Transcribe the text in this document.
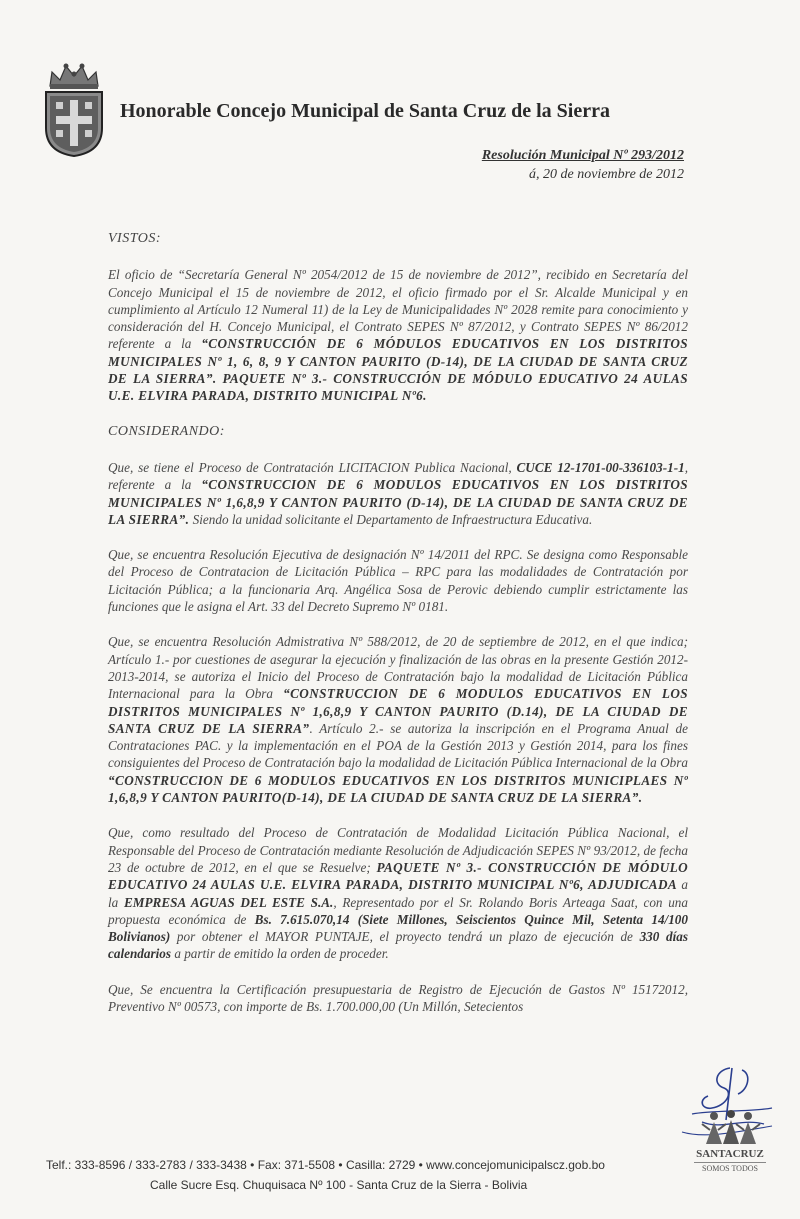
Honorable Concejo Municipal de Santa Cruz de la Sierra
Resolución Municipal Nº 293/2012
á, 20 de noviembre de 2012
VISTOS:

El oficio de “Secretaría General Nº 2054/2012 de 15 de noviembre de 2012”, recibido en Secretaría del Concejo Municipal el 15 de noviembre de 2012, el oficio firmado por el Sr. Alcalde Municipal y en cumplimiento al Artículo 12 Numeral 11) de la Ley de Municipalidades Nº 2028 remite para conocimiento y consideración del H. Concejo Municipal, el Contrato SEPES Nº 87/2012, y Contrato SEPES Nº 86/2012 referente a la “CONSTRUCCIÓN DE 6 MÓDULOS EDUCATIVOS EN LOS DISTRITOS MUNICIPALES Nº 1, 6, 8, 9 Y CANTON PAURITO (D-14), DE LA CIUDAD DE SANTA CRUZ DE LA SIERRA”. PAQUETE Nº 3.- CONSTRUCCIÓN DE MÓDULO EDUCATIVO 24 AULAS U.E. ELVIRA PARADA, DISTRITO MUNICIPAL Nº6.

CONSIDERANDO:

Que, se tiene el Proceso de Contratación LICITACION Publica Nacional, CUCE 12-1701-00-336103-1-1, referente a la “CONSTRUCCION DE 6 MODULOS EDUCATIVOS EN LOS DISTRITOS MUNICIPALES Nº 1,6,8,9 Y CANTON PAURITO (D-14), DE LA CIUDAD DE SANTA CRUZ DE LA SIERRA”. Siendo la unidad solicitante el Departamento de Infraestructura Educativa.

Que, se encuentra Resolución Ejecutiva de designación Nº 14/2011 del RPC. Se designa como Responsable del Proceso de Contratacion de Licitación Pública – RPC para las modalidades de Contratación por Licitación Pública; a la funcionaria Arq. Angélica Sosa de Perovic debiendo cumplir estrictamente las funciones que le asigna el Art. 33 del Decreto Supremo Nº 0181.

Que, se encuentra Resolución Admistrativa Nº 588/2012, de 20 de septiembre de 2012, en el que indica; Artículo 1.- por cuestiones de asegurar la ejecución y finalización de las obras en la presente Gestión 2012-2013-2014, se autoriza el Inicio del Proceso de Contratación bajo la modalidad de Licitación Pública Internacional para la Obra “CONSTRUCCION DE 6 MODULOS EDUCATIVOS EN LOS DISTRITOS MUNICIPALES Nº 1,6,8,9 Y CANTON PAURITO (D.14), DE LA CIUDAD DE SANTA CRUZ DE LA SIERRA”. Artículo 2.- se autoriza la inscripción en el Programa Anual de Contrataciones PAC. y la implementación en el POA de la Gestión 2013 y Gestión 2014, para los fines consiguientes del Proceso de Contratación bajo la modalidad de Licitación Pública Internacional de la Obra “CONSTRUCCION DE 6 MODULOS EDUCATIVOS EN LOS DISTRITOS MUNICIPLAES Nº 1,6,8,9 Y CANTON PAURITO(D-14), DE LA CIUDAD DE SANTA CRUZ DE LA SIERRA”.

Que, como resultado del Proceso de Contratación de Modalidad Licitación Pública Nacional, el Responsable del Proceso de Contratación mediante Resolución de Adjudicación SEPES Nº 93/2012, de fecha 23 de octubre de 2012, en el que se Resuelve; PAQUETE Nº 3.- CONSTRUCCIÓN DE MÓDULO EDUCATIVO 24 AULAS U.E. ELVIRA PARADA, DISTRITO MUNICIPAL Nº6, ADJUDICADA a la EMPRESA AGUAS DEL ESTE S.A., Representado por el Sr. Rolando Boris Arteaga Saat, con una propuesta económica de Bs. 7.615.070,14 (Siete Millones, Seiscientos Quince Mil, Setenta 14/100 Bolivianos) por obtener el MAYOR PUNTAJE, el proyecto tendrá un plazo de ejecución de 330 días calendarios a partir de emitido la orden de proceder.

Que, Se encuentra la Certificación presupuestaria de Registro de Ejecución de Gastos Nº 15172012, Preventivo Nº 00573, con importe de Bs. 1.700.000,00 (Un Millón, Setecientos

SANTACRUZ
SOMOS TODOS
Telf.: 333-8596 / 333-2783 / 333-3438 • Fax: 371-5508 • Casilla: 2729 • www.concejomunicipalscz.gob.bo
Calle Sucre Esq. Chuquisaca Nº 100 - Santa Cruz de la Sierra - Bolivia
